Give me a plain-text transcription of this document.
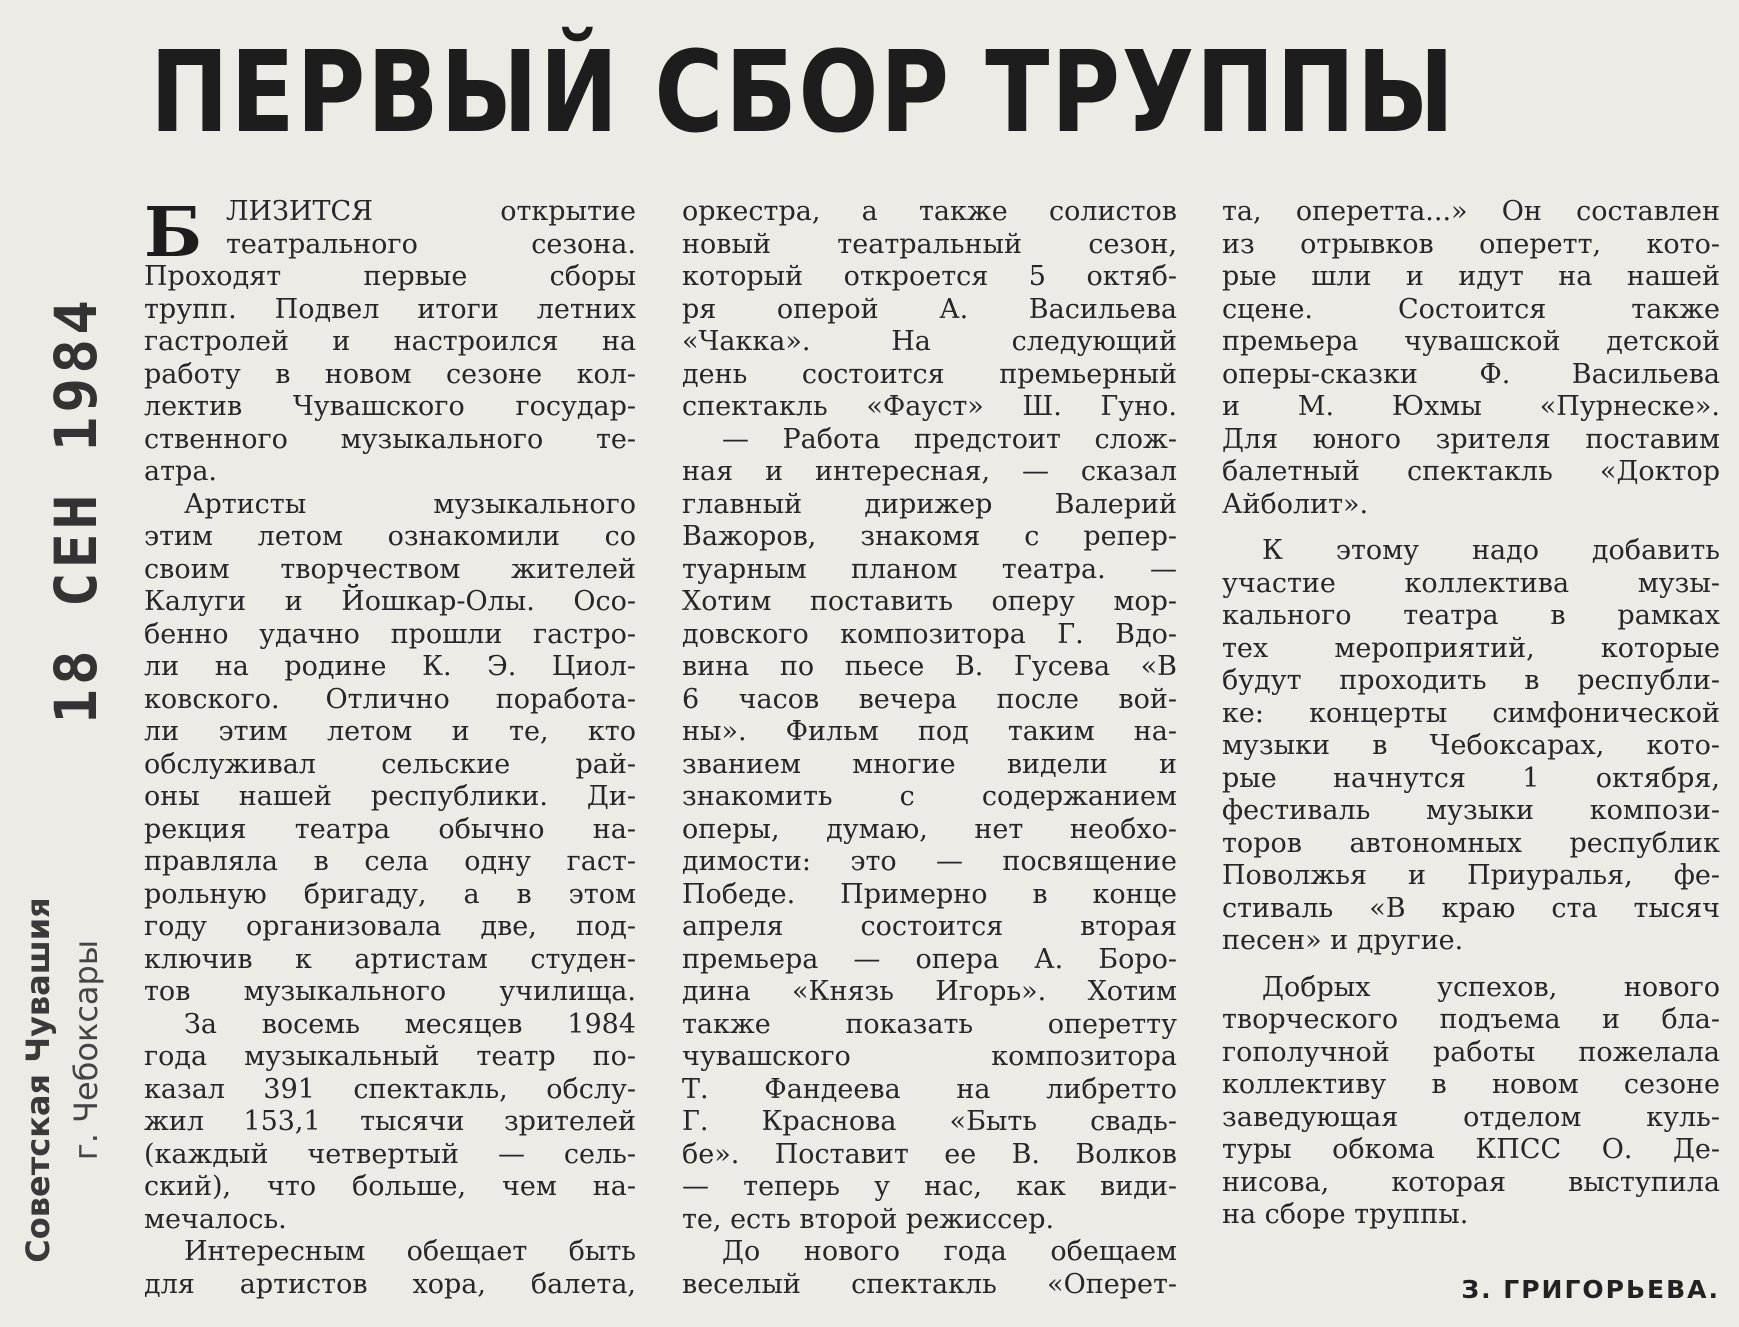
ПЕРВЫЙ СБОР ТРУППЫ
18 СЕН 1984
Советская Чувашия г. Чебоксары
Б ЛИЗИТСЯ открытие
театрального сезона.
Проходят первые сборы
трупп. Подвел итоги летних
гастролей и настроился на
работу в новом сезоне кол-
лектив Чувашского государ-
ственного музыкального те-
атра.
Артисты музыкального
этим летом ознакомили со
своим творчеством жителей
Калуги и Йошкар-Олы. Осо-
бенно удачно прошли гастро-
ли на родине К. Э. Циол-
ковского. Отлично поработа-
ли этим летом и те, кто
обслуживал сельские рай-
оны нашей республики. Ди-
рекция театра обычно на-
правляла в села одну гаст-
рольную бригаду, а в этом
году организовала две, под-
ключив к артистам студен-
тов музыкального училища.
За восемь месяцев 1984
года музыкальный театр по-
казал 391 спектакль, обслу-
жил 153,1 тысячи зрителей
(каждый четвертый — сель-
ский), что больше, чем на-
мечалось.
Интересным обещает быть
для артистов хора, балета,
оркестра, а также солистов
новый театральный сезон,
который откроется 5 октяб-
ря оперой А. Васильева
«Чакка». На следующий
день состоится премьерный
спектакль «Фауст» Ш. Гуно.
— Работа предстоит слож-
ная и интересная, — сказал
главный дирижер Валерий
Важоров, знакомя с репер-
туарным планом театра. —
Хотим поставить оперу мор-
довского композитора Г. Вдо-
вина по пьесе В. Гусева «В
6 часов вечера после вой-
ны». Фильм под таким на-
званием многие видели и
знакомить с содержанием
оперы, думаю, нет необхо-
димости: это — посвящение
Победе. Примерно в конце
апреля состоится вторая
премьера — опера А. Боро-
дина «Князь Игорь». Хотим
также показать оперетту
чувашского композитора
Т. Фандеева на либретто
Г. Краснова «Быть свадь-
бе». Поставит ее В. Волков
— теперь у нас, как види-
те, есть второй режиссер.
До нового года обещаем
веселый спектакль «Оперет-
та, оперетта...» Он составлен
из отрывков оперетт, кото-
рые шли и идут на нашей
сцене. Состоится также
премьера чувашской детской
оперы-сказки Ф. Васильева
и М. Юхмы «Пурнеске».
Для юного зрителя поставим
балетный спектакль «Доктор
Айболит».
К этому надо добавить
участие коллектива музы-
кального театра в рамках
тех мероприятий, которые
будут проходить в республи-
ке: концерты симфонической
музыки в Чебоксарах, кото-
рые начнутся 1 октября,
фестиваль музыки компози-
торов автономных республик
Поволжья и Приуралья, фе-
стиваль «В краю ста тысяч
песен» и другие.
Добрых успехов, нового
творческого подъема и бла-
гополучной работы пожелала
коллективу в новом сезоне
заведующая отделом куль-
туры обкома КПСС О. Де-
нисова, которая выступила
на сборе труппы.
З. ГРИГОРЬЕВА.
